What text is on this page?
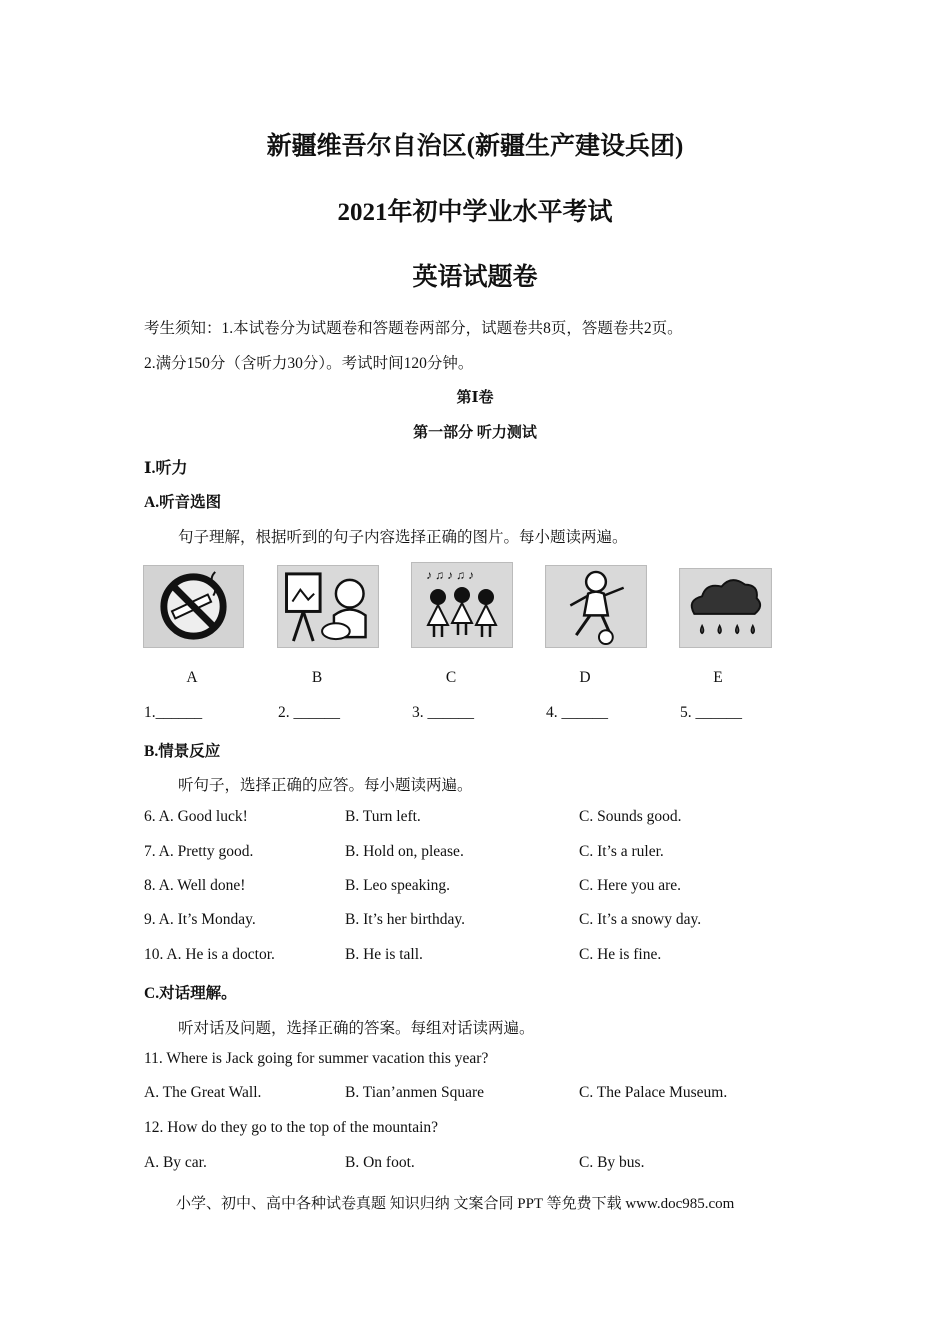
新疆维吾尔自治区(新疆生产建设兵团)
2021年初中学业水平考试
英语试题卷
考生须知：1.本试卷分为试题卷和答题卷两部分，试题卷共8页，答题卷共2页。
2.满分150分（含听力30分）。考试时间120分钟。
第Ⅰ卷
第一部分 听力测试
Ⅰ.听力
A.听音选图
句子理解，根据听到的句子内容选择正确的图片。每小题读两遍。
♪ ♫ ♪ ♫ ♪
A	B	C	D	E
1.______	2. ______	3. ______	4. ______	5. ______
B.情景反应
听句子，选择正确的应答。每小题读两遍。
6. A. Good luck!	B. Turn left.	C. Sounds good.
7. A. Pretty good.	B. Hold on, please.	C. It’s a ruler.
8. A. Well done!	B. Leo speaking.	C. Here you are.
9. A. It’s Monday.	B. It’s her birthday.	C. It’s a snowy day.
10. A. He is a doctor.	B. He is tall.	C. He is fine.
C.对话理解。
听对话及问题，选择正确的答案。每组对话读两遍。
11. Where is Jack going for summer vacation this year?
A. The Great Wall.	B. Tian’anmen Square	C. The Palace Museum.
12. How do they go to the top of the mountain?
A. By car.	B. On foot.	C. By bus.
小学、初中、高中各种试卷真题 知识归纳 文案合同 PPT 等免费下载 www.doc985.com
